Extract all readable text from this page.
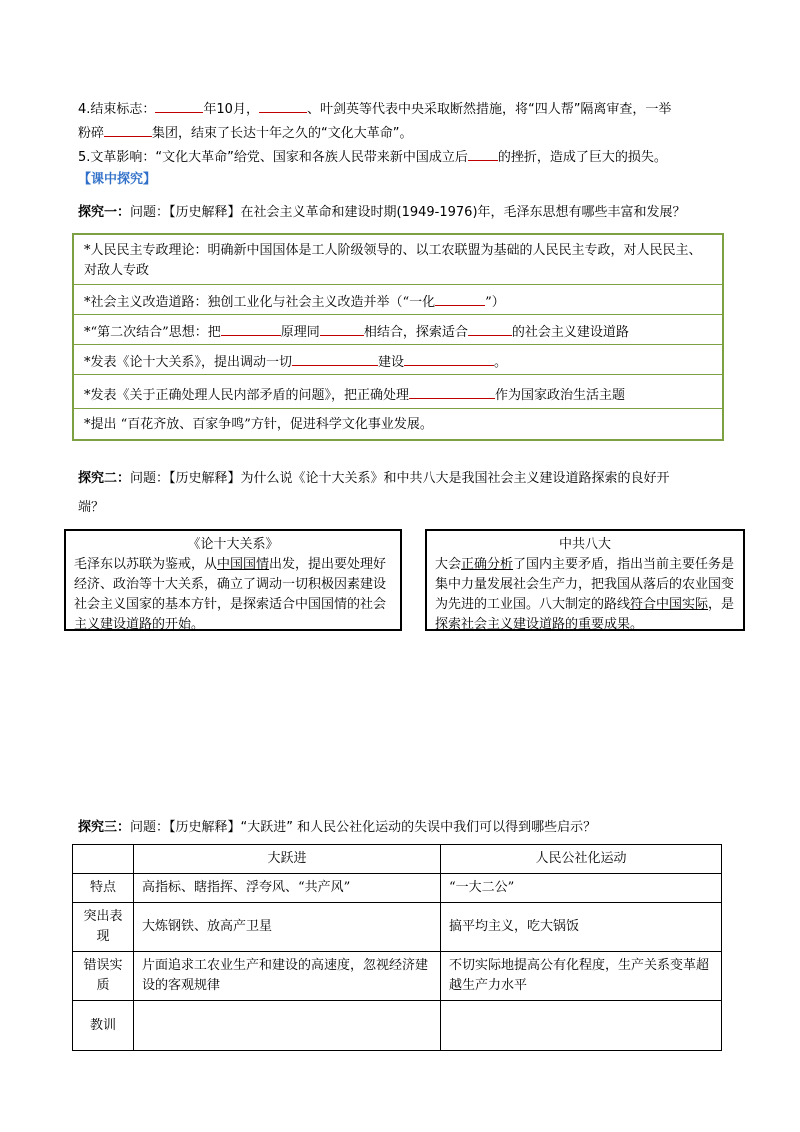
4.结束标志：	年10月，	、叶剑英等代表中央采取断然措施，将“四人帮”隔离审查，一举
粉碎	集团，结束了长达十年之久的“文化大革命”。
5.文革影响：“文化大革命”给党、国家和各族人民带来新中国成立后 的挫折，造成了巨大的损失。
【课中探究】
探究一：问题：【历史解释】在社会主义革命和建设时期(1949-1976)年，毛泽东思想有哪些丰富和发展？
*人民民主专政理论：明确新中国国体是工人阶级领导的、以工农联盟为基础的人民民主专政，对人民民主、对敌人专政
*社会主义改造道路：独创工业化与社会主义改造并举（“一化	”）
*“第二次结合”思想：把	原理同	相结合，探索适合	的社会主义建设道路
*发表《论十大关系》，提出调动一切	建设	。
*发表《关于正确处理人民内部矛盾的问题》，把正确处理	作为国家政治生活主题
*提出 “百花齐放、百家争鸣”方针，促进科学文化事业发展。
探究二：问题：【历史解释】为什么说《论十大关系》和中共八大是我国社会主义建设道路探索的良好开
端？
《论十大关系》
毛泽东以苏联为鉴戒，从中国国情出发，提出要处理好经济、政治等十大关系，确立了调动一切积极因素建设社会主义国家的基本方针，是探索适合中国国情的社会主义建设道路的开始。
中共八大
大会正确分析了国内主要矛盾，指出当前主要任务是集中力量发展社会生产力，把我国从落后的农业国变为先进的工业国。八大制定的路线符合中国实际，是探索社会主义建设道路的重要成果。
探究三：问题：【历史解释】“大跃进” 和人民公社化运动的失误中我们可以得到哪些启示？
	大跃进	人民公社化运动
特点	高指标、瞎指挥、浮夸风、“共产风”	“一大二公”
突出表现	大炼钢铁、放高产卫星	搞平均主义，吃大锅饭
错误实质	片面追求工农业生产和建设的高速度，忽视经济建设的客观规律	不切实际地提高公有化程度，生产关系变革超越生产力水平
教训		
